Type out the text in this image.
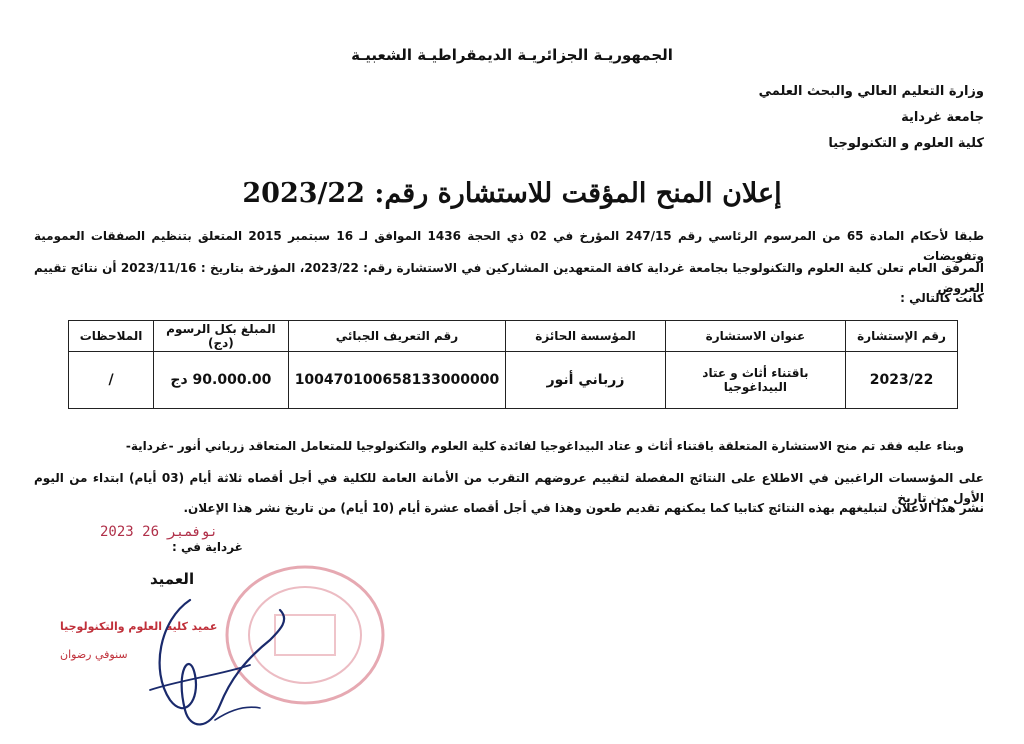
الجمهوريـة الجزائريـة الديمقراطيـة الشعبيـة
وزارة التعليم العالي والبحث العلمي
جامعة غرداية
كلية العلوم و التكنولوجيا
إعلان المنح المؤقت للاستشارة رقم: 2023/22
طبقا لأحكام المادة 65 من المرسوم الرئاسي رقم 247/15 المؤرخ في 02 ذي الحجة 1436 الموافق لـ 16 سبتمبر 2015 المتعلق بتنظيم الصفقات العمومية وتفويضات
المرفق العام تعلن كلية العلوم والتكنولوجيا بجامعة غرداية كافة المتعهدين المشاركين في الاستشارة رقم: 2023/22، المؤرخة بتاريخ : 2023/11/16 أن نتائج تقييم العروض
كانت كالتالي :
رقم الإستشارة	عنوان الاستشارة	المؤسسة الحائزة	رقم التعريف الجبائي	المبلغ بكل الرسوم (دج)	الملاحظات
2023/22	باقتناء أثاث و عتاد البيداغوجيا	زرباني أنور	100470100658133000000	90.000.00 دج	/
وبناء عليه فقد تم منح الاستشارة المتعلقة باقتناء أثاث و عتاد البيداغوجيا لفائدة كلية العلوم والتكنولوجيا للمتعامل المتعاقد زرباني أنور -غرداية-
على المؤسسات الراغبين في الاطلاع على النتائج المفصلة لتقييم عروضهم التقرب من الأمانة العامة للكلية في أجل أقصاه ثلاثة أيام (03 أيام) ابتداء من اليوم الأول من تاريخ
نشر هذا الاعلان لتبليغهم بهذه النتائج كتابيا كما يمكنهم تقديم طعون وهذا في أجل أقصاه عشرة أيام (10 أيام) من تاريخ نشر هذا الإعلان.
2023 نوفمبر 26
غرداية في :
العميد
عميد كلية العلوم والتكنولوجيا
سنوفي رضوان
